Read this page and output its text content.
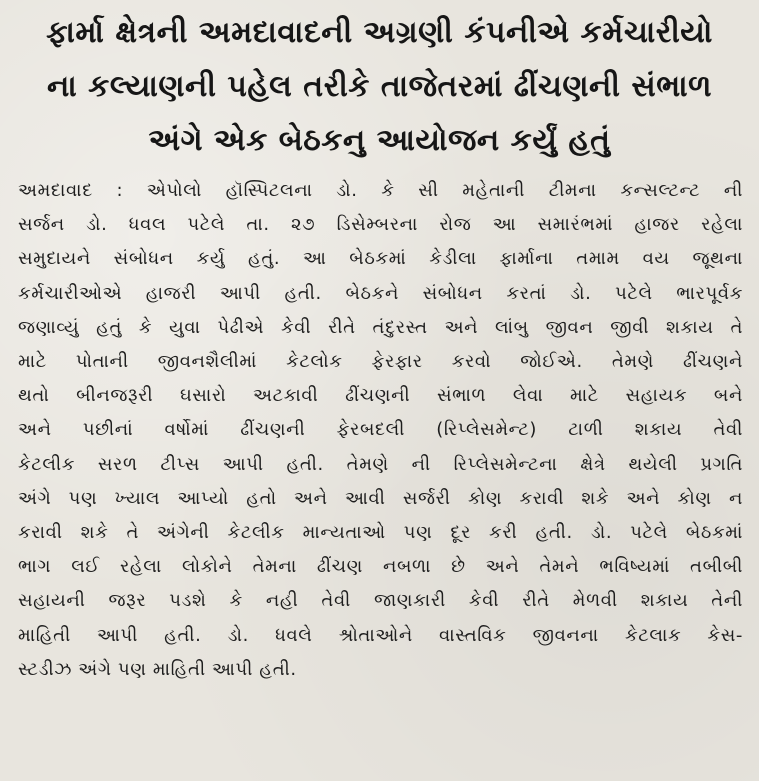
ફાર્મા ક્ષેત્રની અમદાવાદની અગ્રણી કંપનીએ કર્મચારીયો
ના કલ્યાણની પહેલ તરીકે તાજેતરમાં ઢીંચણની સંભાળ
અંગે એક બેઠકનુ આયોજન કર્યું હતું
અમદાવાદ : એપોલો હૉસ્પિટલના ડો. કે સી મહેતાની ટીમના કન્સલ્ટન્ટ ની
સર્જન ડો. ધવલ પટેલે તા. ૨૭ ડિસેમ્બરના રોજ આ સમારંભમાં હાજર રહેલા
સમુદાયને સંબોધન કર્યુ હતું. આ બેઠકમાં કેડીલા ફાર્માના તમામ વય જૂથના
કર્મચારીઓએ હાજરી આપી હતી. બેઠકને સંબોધન કરતાં ડો. પટેલે ભારપૂર્વક
જણાવ્યું હતું કે યુવા પેઢીએ કેવી રીતે તંદુરસ્ત અને લાંબુ જીવન જીવી શકાય તે
માટે પોતાની જીવનશૈલીમાં કેટલોક ફેરફાર કરવો જોઈએ. તેમણે ઢીંચણને
થતો બીનજરૂરી ઘસારો અટકાવી ઢીંચણની સંભાળ લેવા માટે સહાયક બને
અને પછીનાં વર્ષોમાં ઢીંચણની ફેરબદલી (રિપ્લેસમેન્ટ) ટાળી શકાય તેવી
કેટલીક સરળ ટીપ્સ આપી હતી. તેમણે ની રિપ્લેસમેન્ટના ક્ષેત્રે થયેલી પ્રગતિ
અંગે પણ ખ્યાલ આપ્યો હતો અને આવી સર્જરી કોણ કરાવી શકે અને કોણ ન
કરાવી શકે તે અંગેની કેટલીક માન્યતાઓ પણ દૂર કરી હતી. ડો. પટેલે બેઠકમાં
ભાગ લઈ રહેલા લોકોને તેમના ઢીંચણ નબળા છે અને તેમને ભવિષ્યમાં તબીબી
સહાયની જરૂર પડશે કે નહી તેવી જાણકારી કેવી રીતે મેળવી શકાય તેની
માહિતી આપી હતી. ડો. ધવલે શ્રોતાઓને વાસ્તવિક જીવનના કેટલાક કેસ-
સ્ટડીઝ અંગે પણ માહિતી આપી હતી.
